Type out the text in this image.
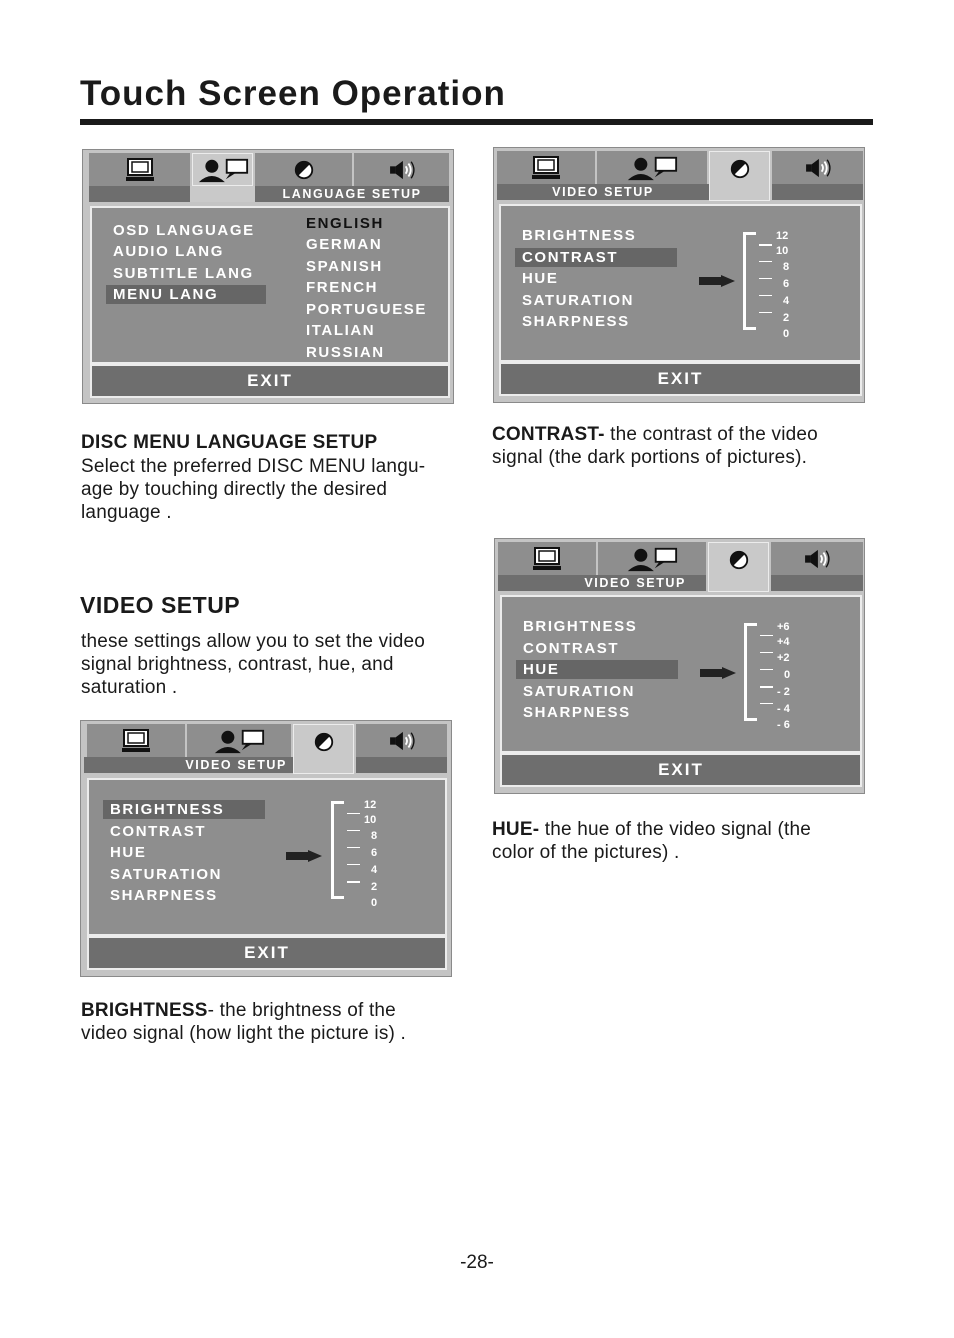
Touch Screen Operation
LANGUAGE SETUP
OSD LANGUAGE
AUDIO LANG
SUBTITLE LANG
MENU LANG
ENGLISH
GERMAN
SPANISH
FRENCH
PORTUGUESE
ITALIAN
RUSSIAN
EXIT
VIDEO SETUP
BRIGHTNESS
CONTRAST
HUE
SATURATION
SHARPNESS
12
10
8
6
4
2
0
EXIT
DISC MENU LANGUAGE SETUP

Select the preferred DISC MENU langu-
age by touching directly the desired
language .

CONTRAST- the contrast of the video
signal (the dark portions of pictures).

VIDEO SETUP

these settings allow you to set the video
signal brightness, contrast, hue, and
saturation .

VIDEO SETUP
BRIGHTNESS
CONTRAST
HUE
SATURATION
SHARPNESS
+6
+4
+2
0
- 2
- 4
- 6
EXIT
VIDEO SETUP
BRIGHTNESS
CONTRAST
HUE
SATURATION
SHARPNESS
12
10
8
6
4
2
0
EXIT

HUE- the hue of the video signal (the
color of the pictures) .

BRIGHTNESS- the brightness of the
video signal (how light the picture is) .

-28-
